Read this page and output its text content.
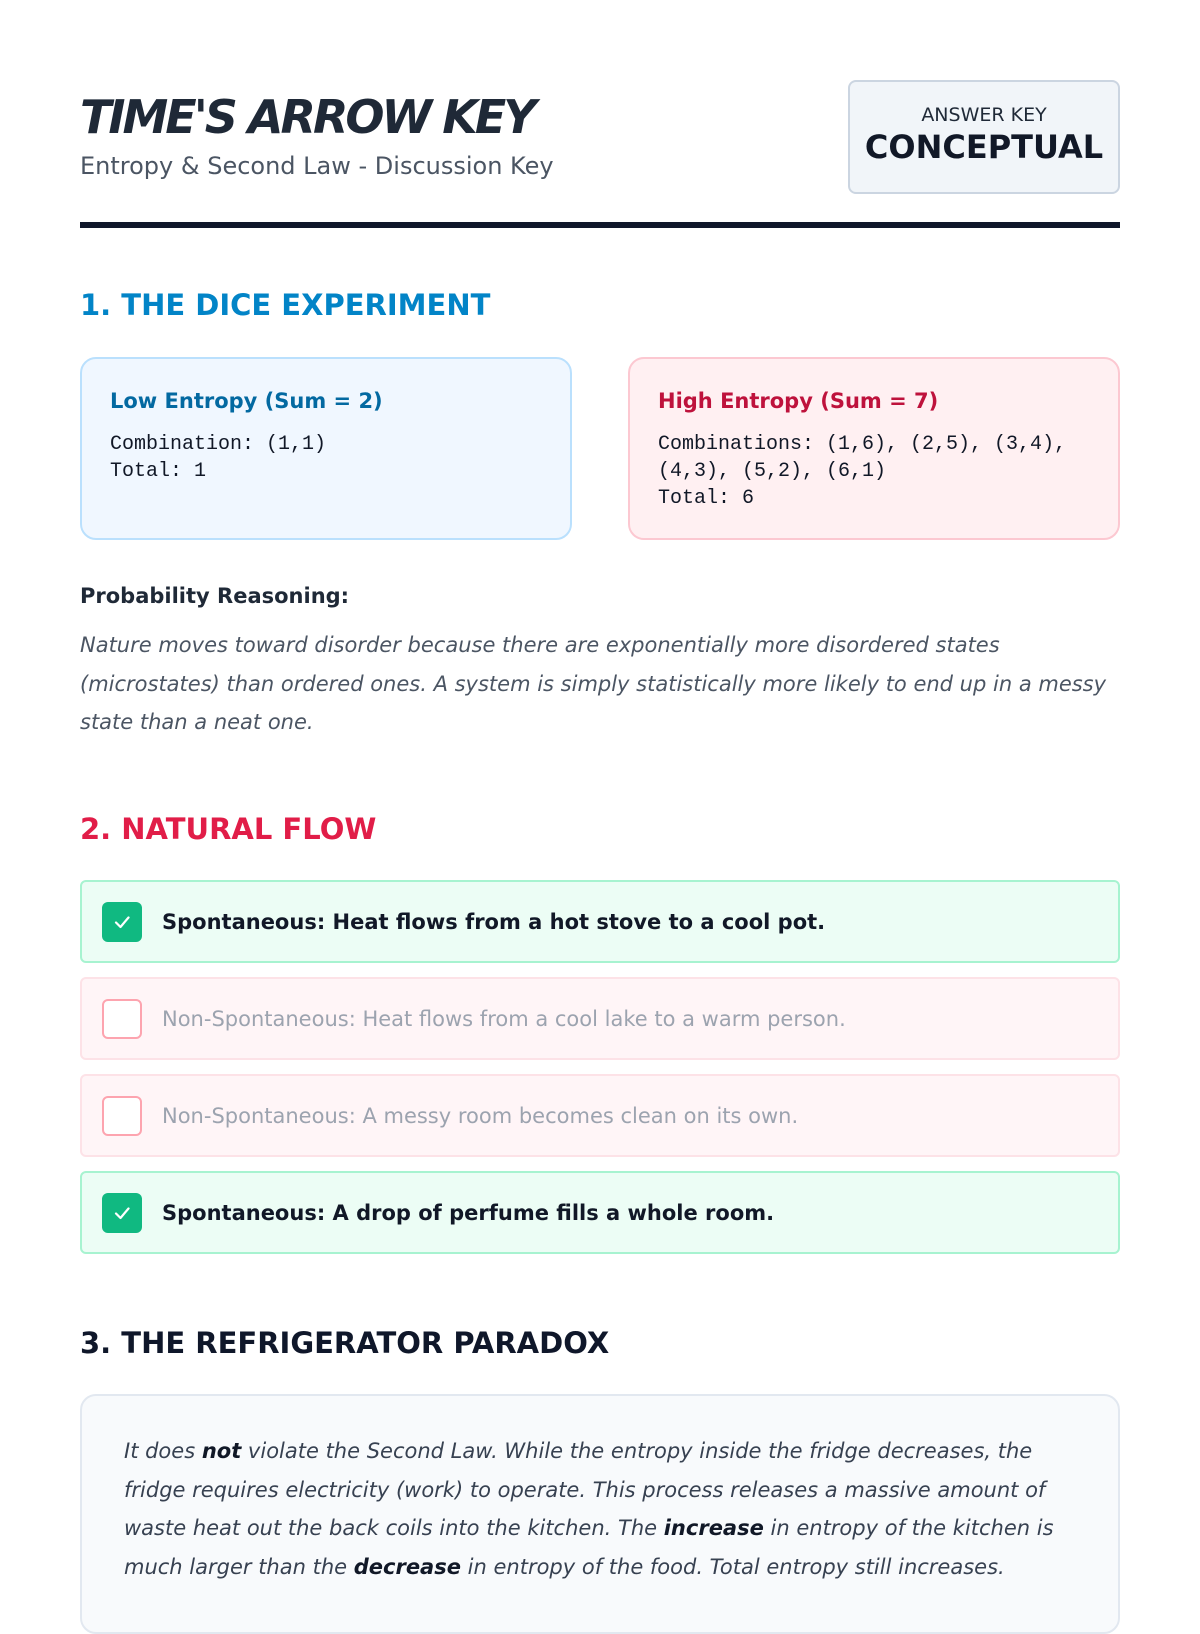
TIME'S ARROW KEY
Entropy & Second Law - Discussion Key
ANSWER KEY
CONCEPTUAL
1. THE DICE EXPERIMENT
Low Entropy (Sum = 2)
Combination: (1,1)
Total: 1
High Entropy (Sum = 7)
Combinations: (1,6), (2,5), (3,4),
(4,3), (5,2), (6,1)
Total: 6
Probability Reasoning:

Nature moves toward disorder because there are exponentially more disordered states (microstates) than ordered ones. A system is simply statistically more likely to end up in a messy state than a neat one.

2. NATURAL FLOW
Spontaneous: Heat flows from a hot stove to a cool pot.
Non-Spontaneous: Heat flows from a cool lake to a warm person.
Non-Spontaneous: A messy room becomes clean on its own.
Spontaneous: A drop of perfume fills a whole room.
3. THE REFRIGERATOR PARADOX

It does not violate the Second Law. While the entropy inside the fridge decreases, the fridge requires electricity (work) to operate. This process releases a massive amount of waste heat out the back coils into the kitchen. The increase in entropy of the kitchen is much larger than the decrease in entropy of the food. Total entropy still increases.
